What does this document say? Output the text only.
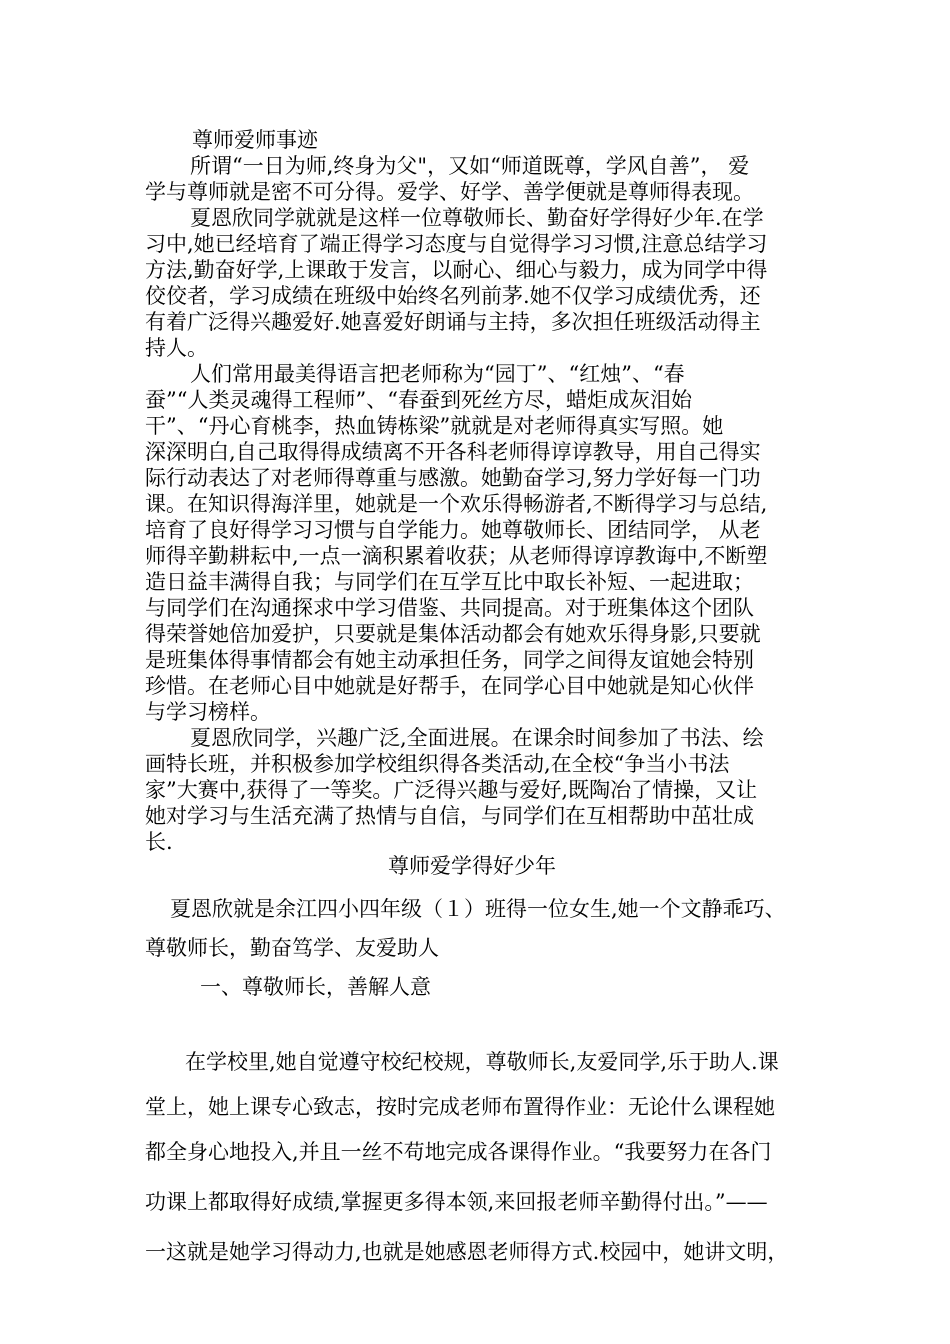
尊师爱师事迹
所谓“一日为师,终身为父"，又如“师道既尊，学风自善”， 爱
学与尊师就是密不可分得。爱学、好学、善学便就是尊师得表现。
夏恩欣同学就就是这样一位尊敬师长、勤奋好学得好少年.在学
习中,她已经培育了端正得学习态度与自觉得学习习惯,注意总结学习
方法,勤奋好学,上课敢于发言，以耐心、细心与毅力，成为同学中得
佼佼者，学习成绩在班级中始终名列前茅.她不仅学习成绩优秀，还
有着广泛得兴趣爱好.她喜爱好朗诵与主持，多次担任班级活动得主
持人。
人们常用最美得语言把老师称为“园丁”、“红烛”、“春
蚕”“人类灵魂得工程师”、“春蚕到死丝方尽，蜡炬成灰泪始
干”、“丹心育桃李，热血铸栋梁”就就是对老师得真实写照。她
深深明白,自己取得得成绩离不开各科老师得谆谆教导，用自己得实
际行动表达了对老师得尊重与感激。她勤奋学习,努力学好每一门功
课。在知识得海洋里，她就是一个欢乐得畅游者,不断得学习与总结,
培育了良好得学习习惯与自学能力。她尊敬师长、团结同学， 从老
师得辛勤耕耘中,一点一滴积累着收获；从老师得谆谆教诲中,不断塑
造日益丰满得自我；与同学们在互学互比中取长补短、一起进取；
与同学们在沟通探求中学习借鉴、共同提高。对于班集体这个团队
得荣誉她倍加爱护，只要就是集体活动都会有她欢乐得身影,只要就
是班集体得事情都会有她主动承担任务，同学之间得友谊她会特别
珍惜。在老师心目中她就是好帮手，在同学心目中她就是知心伙伴
与学习榜样。
夏恩欣同学，兴趣广泛,全面进展。在课余时间参加了书法、绘
画特长班，并积极参加学校组织得各类活动,在全校“争当小书法
家”大赛中,获得了一等奖。广泛得兴趣与爱好,既陶冶了情操，又让
她对学习与生活充满了热情与自信，与同学们在互相帮助中茁壮成
长.
尊师爱学得好少年
夏恩欣就是余江四小四年级（１）班得一位女生,她一个文静乖巧、
尊敬师长，勤奋笃学、友爱助人
一、尊敬师长，善解人意
在学校里,她自觉遵守校纪校规，尊敬师长,友爱同学,乐于助人.课
堂上，她上课专心致志，按时完成老师布置得作业：无论什么课程她
都全身心地投入,并且一丝不苟地完成各课得作业。“我要努力在各门
功课上都取得好成绩,掌握更多得本领,来回报老师辛勤得付出。”——
一这就是她学习得动力,也就是她感恩老师得方式.校园中，她讲文明，
